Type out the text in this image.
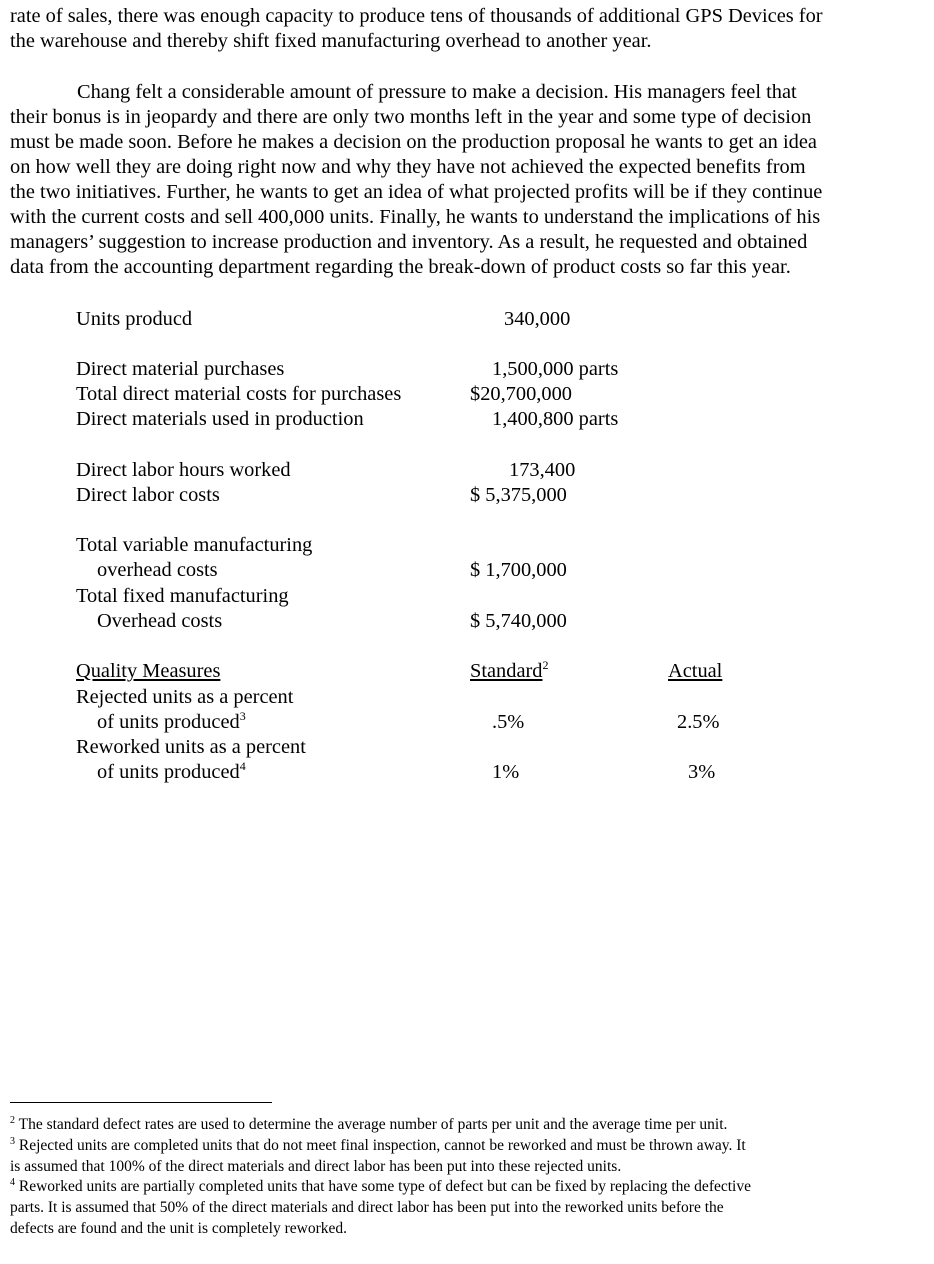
rate of sales, there was enough capacity to produce tens of thousands of additional GPS Devices for
the warehouse and thereby shift fixed manufacturing overhead to another year.
Chang felt a considerable amount of pressure to make a decision. His managers feel that
their bonus is in jeopardy and there are only two months left in the year and some type of decision
must be made soon. Before he makes a decision on the production proposal he wants to get an idea
on how well they are doing right now and why they have not achieved the expected benefits from
the two initiatives. Further, he wants to get an idea of what projected profits will be if they continue
with the current costs and sell 400,000 units. Finally, he wants to understand the implications of his
managers’ suggestion to increase production and inventory. As a result, he requested and obtained
data from the accounting department regarding the break-down of product costs so far this year.
Units producd	340,000
Direct material purchases	1,500,000 parts
Total direct material costs for purchases	$20,700,000
Direct materials used in production	1,400,800 parts
Direct labor hours worked	173,400
Direct labor costs	$ 5,375,000
Total variable manufacturing
overhead costs	$ 1,700,000
Total fixed manufacturing
Overhead costs	$ 5,740,000
Quality Measures	Standard$^2$	Actual
Rejected units as a percent
of units produced$^3$	.5%	2.5%
Reworked units as a percent
of units produced$^4$	1%	3%
$^2$ The standard defect rates are used to determine the average number of parts per unit and the average time per unit.
$^3$ Rejected units are completed units that do not meet final inspection, cannot be reworked and must be thrown away. It
is assumed that 100% of the direct materials and direct labor has been put into these rejected units.
$^4$ Reworked units are partially completed units that have some type of defect but can be fixed by replacing the defective
parts. It is assumed that 50% of the direct materials and direct labor has been put into the reworked units before the
defects are found and the unit is completely reworked.
